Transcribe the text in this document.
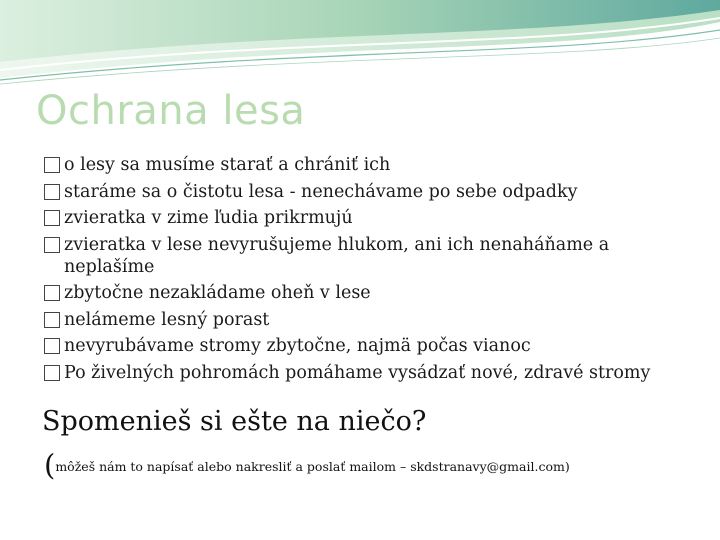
Ochrana lesa
o lesy sa musíme starať a chrániť ich
staráme sa o čistotu lesa - nenechávame po sebe odpadky
zvieratka v zime ľudia prikrmujú
zvieratka v lese nevyrušujeme hlukom, ani ich nenaháňame a neplašíme
zbytočne nezakládame oheň v lese
nelámeme lesný porast
nevyrubávame stromy zbytočne, najmä počas vianoc
Po živelných pohromách pomáhame vysádzať nové, zdravé stromy
Spomenieš si ešte na niečo?
(môžeš nám to napísať alebo nakresliť a poslať mailom – skdstranavy@gmail.com)
